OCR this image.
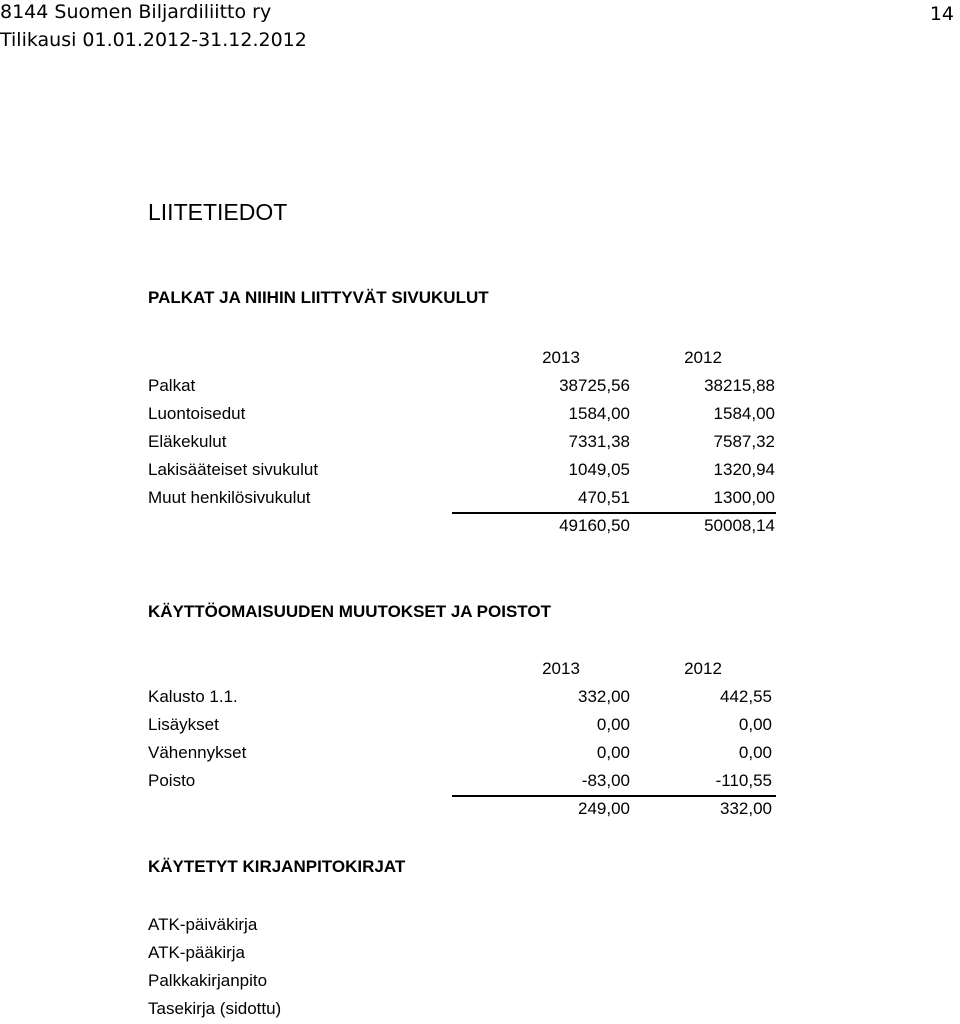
8144 Suomen Biljardiliitto ry
Tilikausi 01.01.2012-31.12.2012
14
LIITETIEDOT
PALKAT JA NIIHIN LIITTYVÄT SIVUKULUT
2013	2012
Palkat	38725,56	38215,88
Luontoisedut	1584,00	1584,00
Eläkekulut	7331,38	7587,32
Lakisääteiset sivukulut	1049,05	1320,94
Muut henkilösivukulut	470,51	1300,00
49160,50	50008,14
KÄYTTÖOMAISUUDEN MUUTOKSET JA POISTOT
2013	2012
Kalusto 1.1.	332,00	442,55
Lisäykset	0,00	0,00
Vähennykset	0,00	0,00
Poisto	-83,00	-110,55
249,00	332,00
KÄYTETYT KIRJANPITOKIRJAT
ATK-päiväkirja
ATK-pääkirja
Palkkakirjanpito
Tasekirja (sidottu)
